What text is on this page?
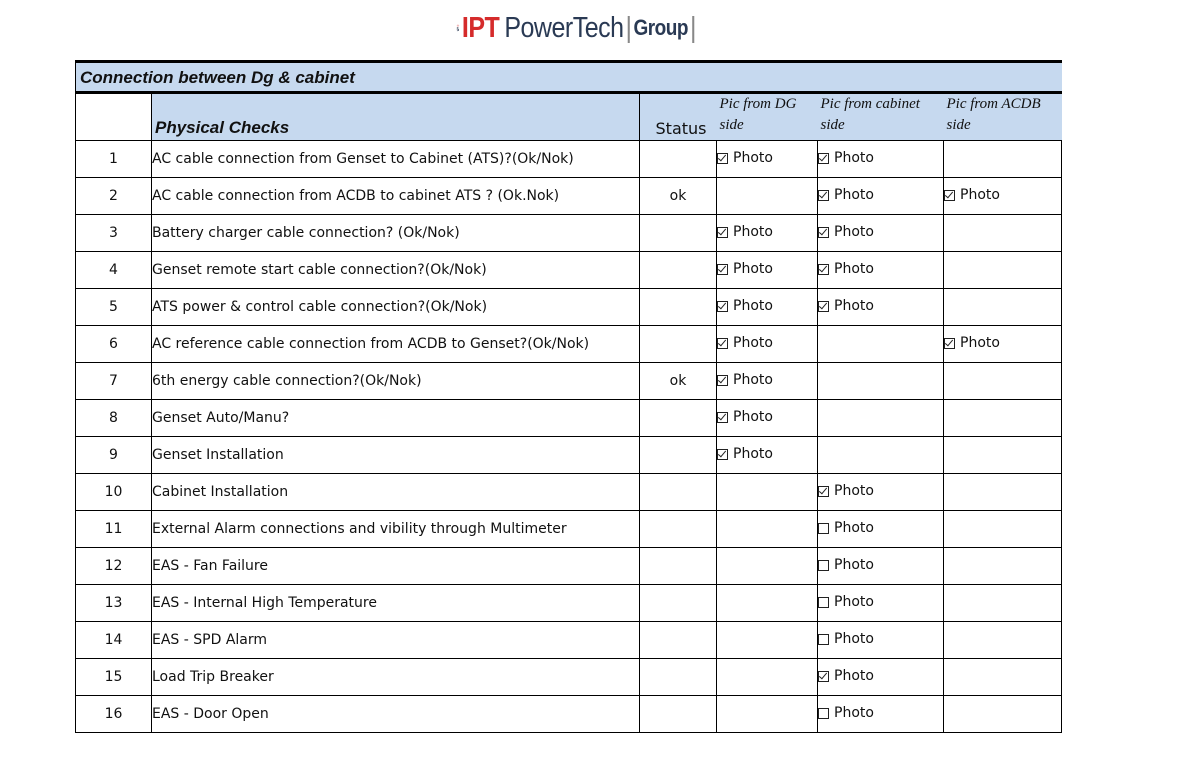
IPT PowerTech | Group |
Connection between Dg & cabinet					
	Physical Checks	Status	Pic from DG
side	Pic from cabinet
side	Pic from ACDB
side
1	AC cable connection from Genset to Cabinet (ATS)?(Ok/Nok)		Photo	Photo	

2	AC cable connection from ACDB to cabinet ATS ? (Ok.Nok)	ok		Photo	Photo

3	Battery charger cable connection? (Ok/Nok)		Photo	Photo	

4	Genset remote start cable connection?(Ok/Nok)		Photo	Photo	

5	ATS power & control cable connection?(Ok/Nok)		Photo	Photo	

6	AC reference cable connection from ACDB to Genset?(Ok/Nok)		Photo		Photo

7	6th energy cable connection?(Ok/Nok)	ok	Photo		

8	Genset Auto/Manu?		Photo		

9	Genset Installation		Photo		

10	Cabinet Installation			Photo	

11	External Alarm connections and vibility through Multimeter			Photo	

12	EAS - Fan Failure			Photo	

13	EAS - Internal High Temperature			Photo	

14	EAS - SPD Alarm			Photo	

15	Load Trip Breaker			Photo	

16	EAS - Door Open			Photo	
